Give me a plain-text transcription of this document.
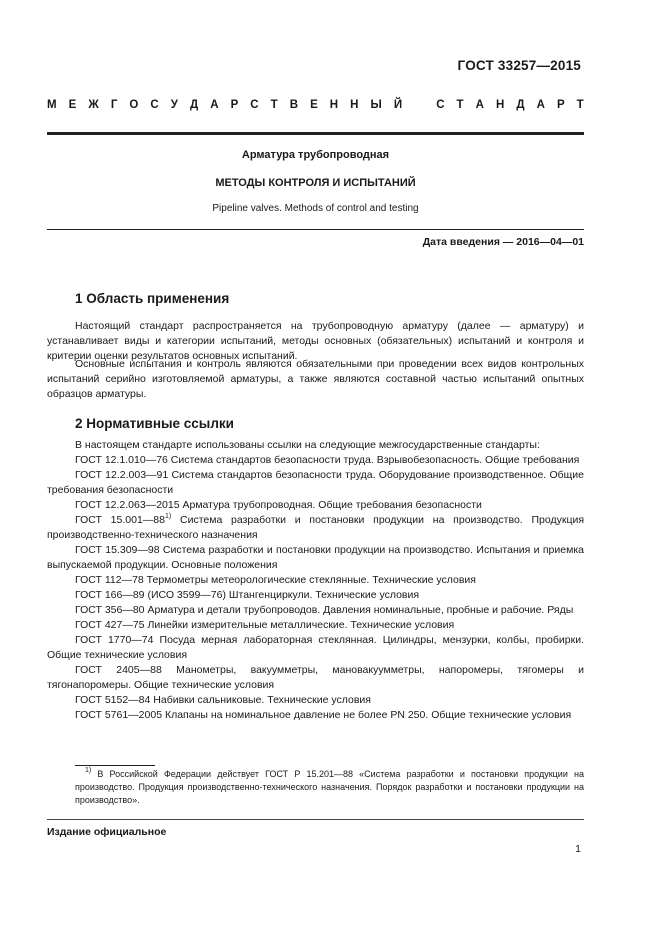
ГОСТ 33257—2015
М Е Ж Г О С У Д А Р С Т В Е Н Н Ы Й	С Т А Н Д А Р Т
Арматура трубопроводная
МЕТОДЫ КОНТРОЛЯ И ИСПЫТАНИЙ
Pipeline valves. Methods of control and testing
Дата введения — 2016—04—01
1 Область применения
Настоящий стандарт распространяется на трубопроводную арматуру (далее — арматуру) и устанавливает виды и категории испытаний, методы основных (обязательных) испытаний и контроля и критерии оценки результатов основных испытаний.
Основные испытания и контроль являются обязательными при проведении всех видов контрольных испытаний серийно изготовляемой арматуры, а также являются составной частью испытаний опытных образцов арматуры.
2 Нормативные ссылки

В настоящем стандарте использованы ссылки на следующие межгосударственные стандарты:

ГОСТ 12.1.010—76 Система стандартов безопасности труда. Взрывобезопасность. Общие требования

ГОСТ 12.2.003—91 Система стандартов безопасности труда. Оборудование производственное. Общие требования безопасности

ГОСТ 12.2.063—2015 Арматура трубопроводная. Общие требования безопасности

ГОСТ 15.001—88$^{1)}$ Система разработки и постановки продукции на производство. Продукция производственно-технического назначения

ГОСТ 15.309—98 Система разработки и постановки продукции на производство. Испытания и приемка выпускаемой продукции. Основные положения

ГОСТ 112—78 Термометры метеорологические стеклянные. Технические условия

ГОСТ 166—89 (ИСО 3599—76) Штангенциркули. Технические условия

ГОСТ 356—80 Арматура и детали трубопроводов. Давления номинальные, пробные и рабочие. Ряды

ГОСТ 427—75 Линейки измерительные металлические. Технические условия

ГОСТ 1770—74 Посуда мерная лабораторная стеклянная. Цилиндры, мензурки, колбы, пробирки. Общие технические условия

ГОСТ 2405—88 Манометры, вакуумметры, мановакуумметры, напоромеры, тягомеры и тягонапоромеры. Общие технические условия

ГОСТ 5152—84 Набивки сальниковые. Технические условия

ГОСТ 5761—2005 Клапаны на номинальное давление не более PN 250. Общие технические условия

$^{1)}$ В Российской Федерации действует ГОСТ Р 15.201—88 «Система разработки и постановки продукции на производство. Продукция производственно-технического назначения. Порядок разработки и постановки продукции на производство».
Издание официальное
1
